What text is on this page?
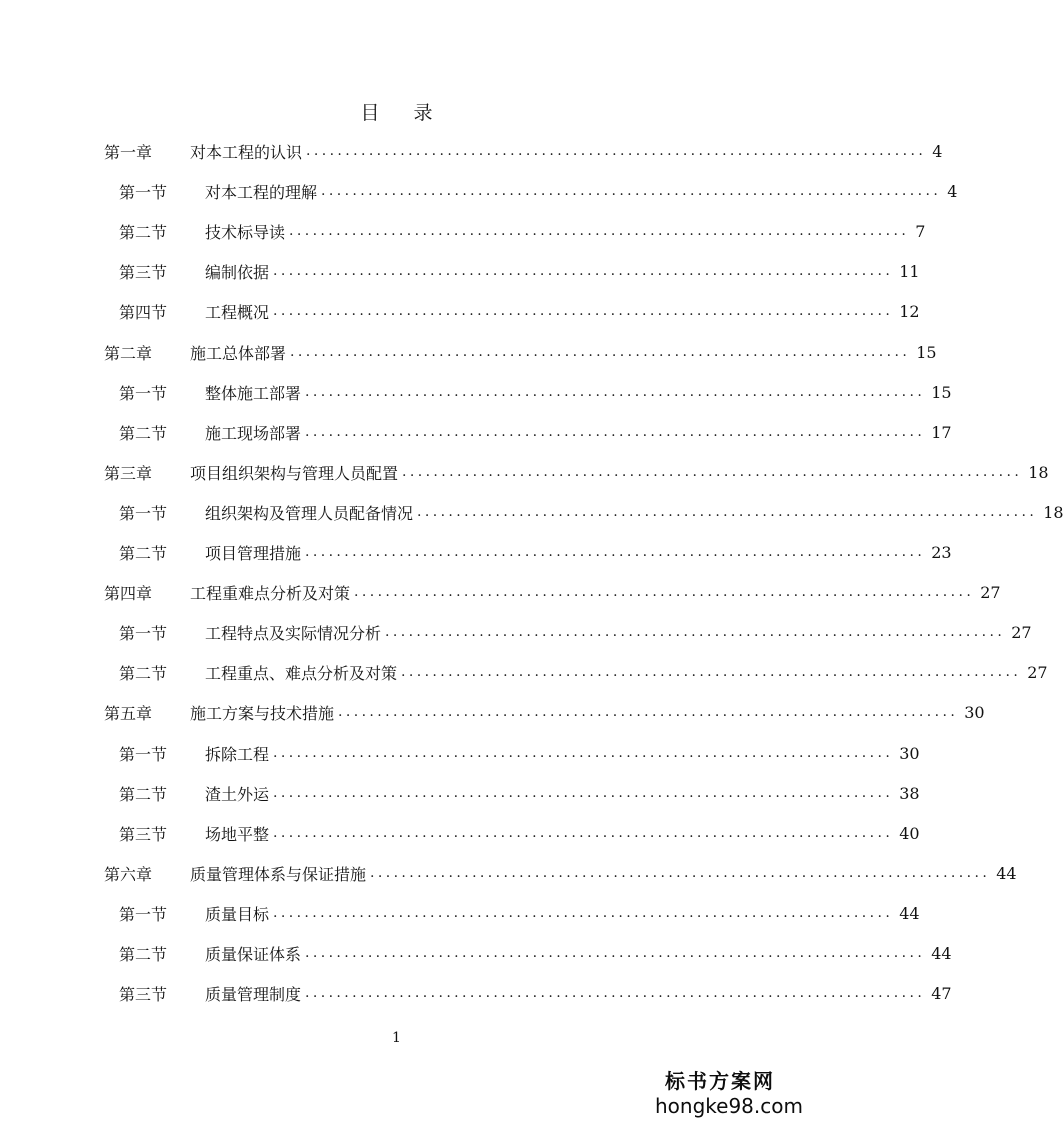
目 录
第一章	对本工程的认识 ............................................................................... 4
第一节	对本工程的理解 ............................................................................... 4
第二节	技术标导读 ............................................................................... 7
第三节	编制依据 ............................................................................... 11
第四节	工程概况 ............................................................................... 12
第二章	施工总体部署 ............................................................................... 15
第一节	整体施工部署 ............................................................................... 15
第二节	施工现场部署 ............................................................................... 17
第三章	项目组织架构与管理人员配置 ............................................................................... 18
第一节	组织架构及管理人员配备情况 ............................................................................... 18
第二节	项目管理措施 ............................................................................... 23
第四章	工程重难点分析及对策 ............................................................................... 27
第一节	工程特点及实际情况分析 ............................................................................... 27
第二节	工程重点、难点分析及对策 ............................................................................... 27
第五章	施工方案与技术措施 ............................................................................... 30
第一节	拆除工程 ............................................................................... 30
第二节	渣土外运 ............................................................................... 38
第三节	场地平整 ............................................................................... 40
第六章	质量管理体系与保证措施 ............................................................................... 44
第一节	质量目标 ............................................................................... 44
第二节	质量保证体系 ............................................................................... 44
第三节	质量管理制度 ............................................................................... 47
1
标书方案网
hongke98.com
